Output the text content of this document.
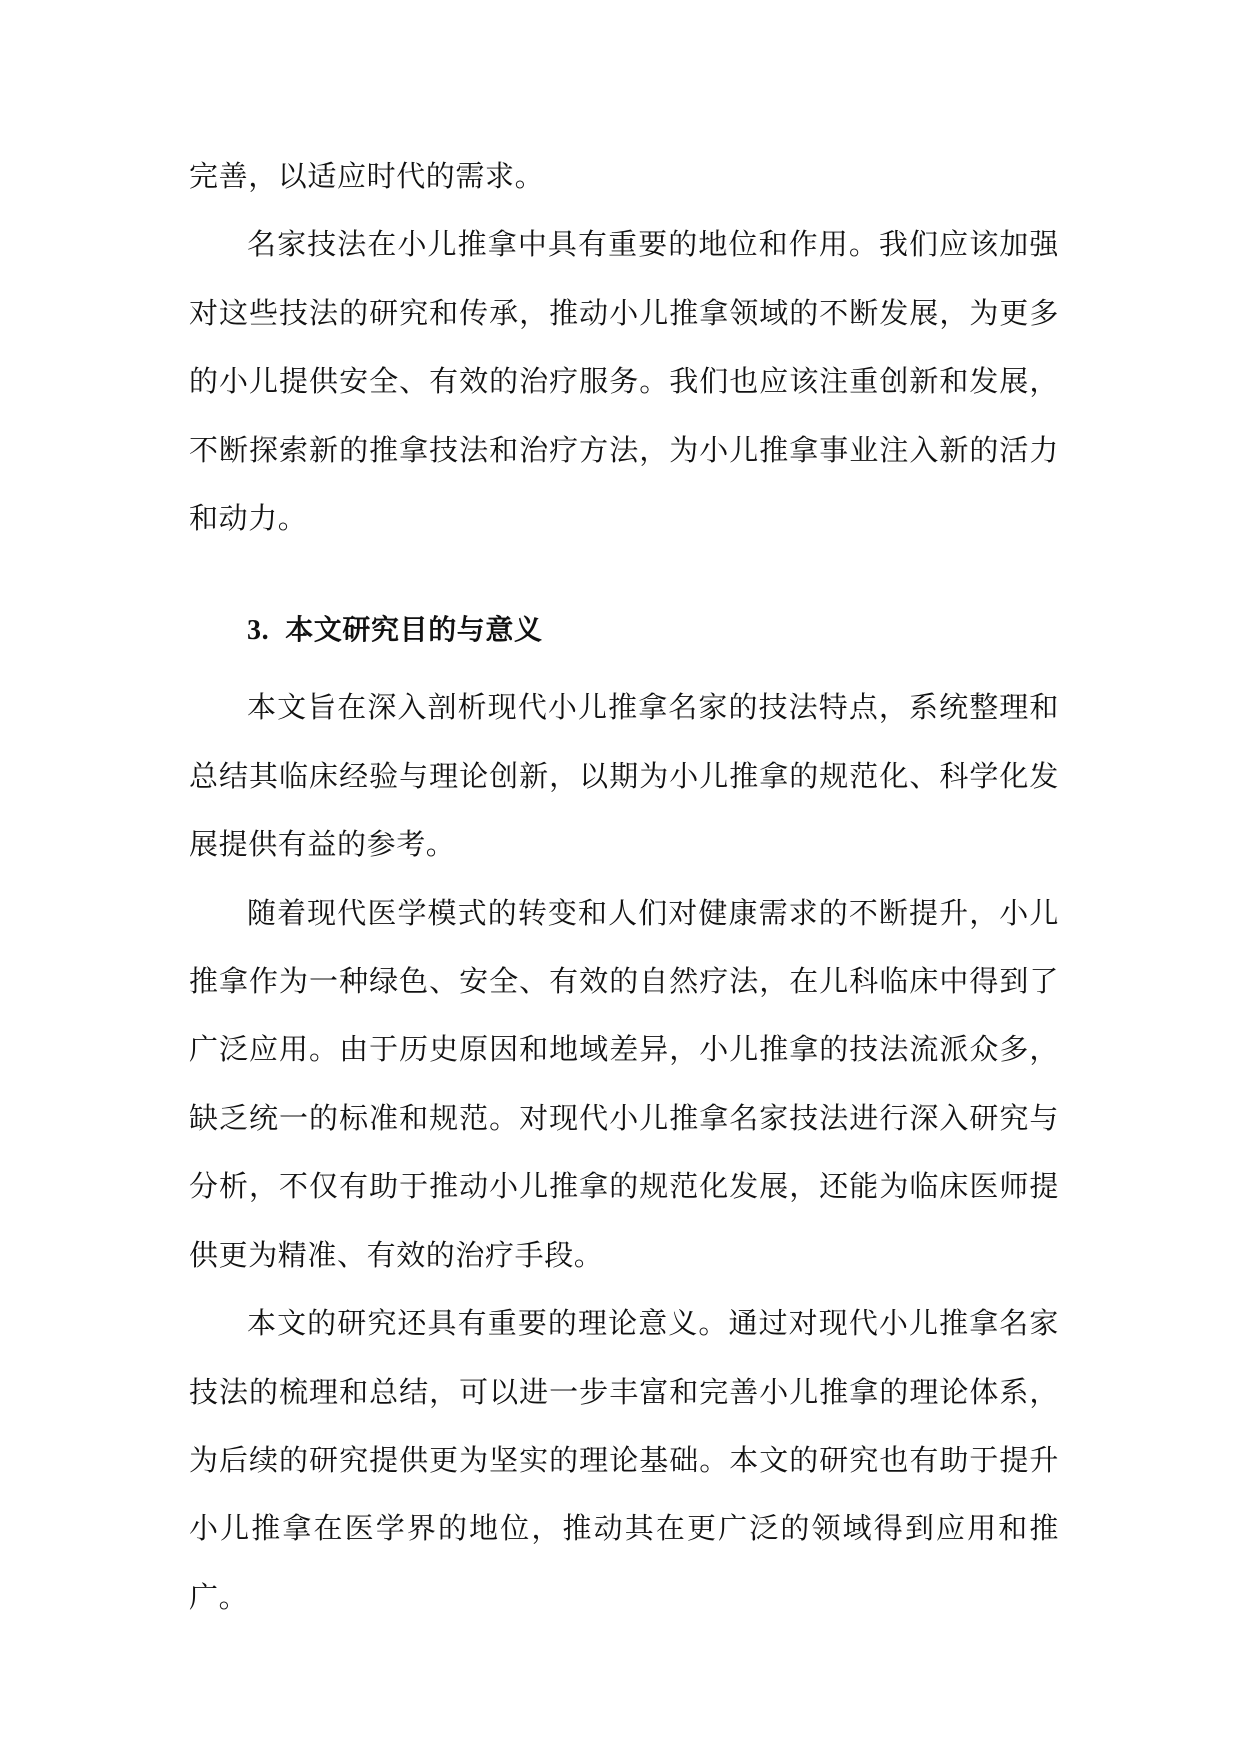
完善，以适应时代的需求。

名家技法在小儿推拿中具有重要的地位和作用。我们应该加强对这些技法的研究和传承，推动小儿推拿领域的不断发展，为更多的小儿提供安全、有效的治疗服务。我们也应该注重创新和发展，不断探索新的推拿技法和治疗方法，为小儿推拿事业注入新的活力和动力。

3. 本文研究目的与意义

本文旨在深入剖析现代小儿推拿名家的技法特点，系统整理和总结其临床经验与理论创新，以期为小儿推拿的规范化、科学化发展提供有益的参考。

随着现代医学模式的转变和人们对健康需求的不断提升，小儿推拿作为一种绿色、安全、有效的自然疗法，在儿科临床中得到了广泛应用。由于历史原因和地域差异，小儿推拿的技法流派众多，缺乏统一的标准和规范。对现代小儿推拿名家技法进行深入研究与分析，不仅有助于推动小儿推拿的规范化发展，还能为临床医师提供更为精准、有效的治疗手段。

本文的研究还具有重要的理论意义。通过对现代小儿推拿名家技法的梳理和总结，可以进一步丰富和完善小儿推拿的理论体系，为后续的研究提供更为坚实的理论基础。本文的研究也有助于提升小儿推拿在医学界的地位，推动其在更广泛的领域得到应用和推广。
